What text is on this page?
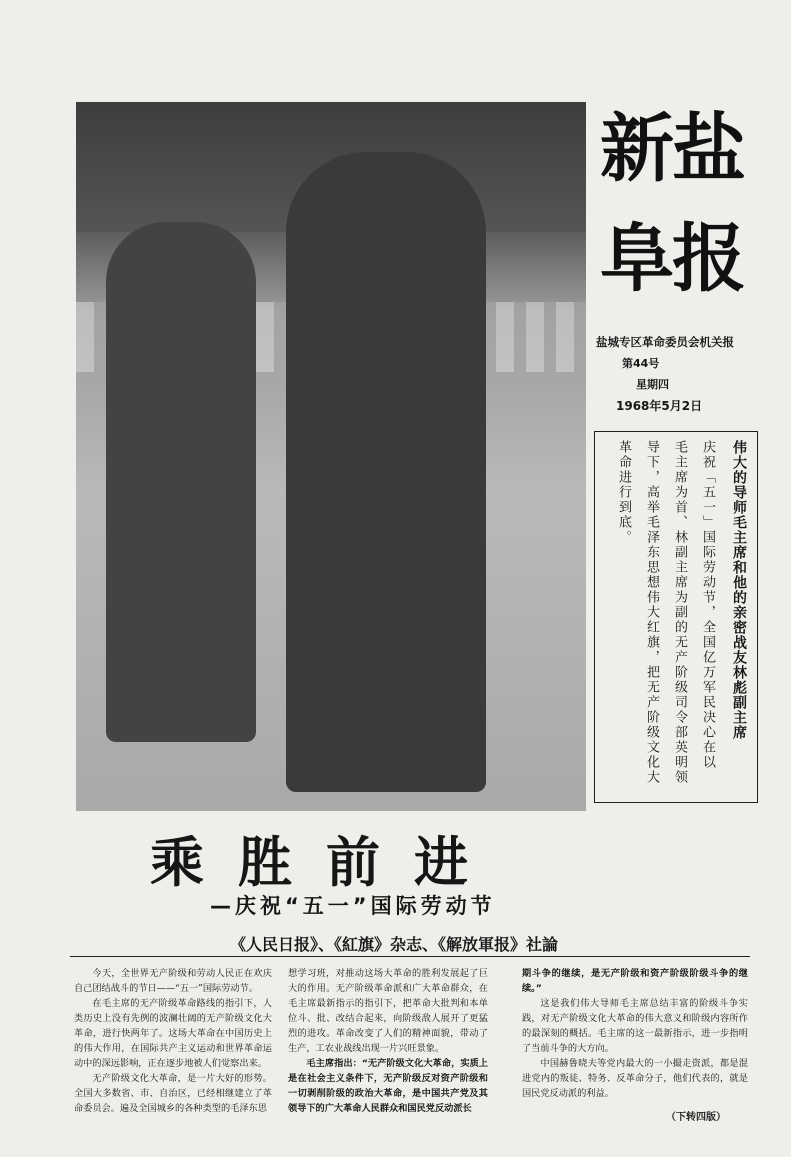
新
盐
阜
报
盐城专区革命委员会机关报
第44号
星期四
1968年5月2日
伟大的导师毛主席和他的亲密战友林彪副主席
庆祝「五一」国际劳动节，全国亿万军民决心在以
毛主席为首、林副主席为副的无产阶级司令部英明领
导下，高举毛泽东思想伟大红旗，把无产阶级文化大
革命进行到底。
乘胜前进
—庆祝“五一”国际劳动节
《人民日报》、《紅旗》杂志、《解放軍报》社論

今天，全世界无产阶级和劳动人民正在欢庆自己团结战斗的节日——“五一”国际劳动节。

在毛主席的无产阶级革命路线的指引下，人类历史上没有先例的波澜壮阔的无产阶级文化大革命，进行快两年了。这场大革命在中国历史上的伟大作用，在国际共产主义运动和世界革命运动中的深远影响，正在逐步地被人们觉察出来。

无产阶级文化大革命，是一片大好的形势。全国大多数省、市、自治区，已经相继建立了革命委员会。遍及全国城乡的各种类型的毛泽东思

想学习班，对推动这场大革命的胜利发展起了巨大的作用。无产阶级革命派和广大革命群众，在毛主席最新指示的指引下，把革命大批判和本单位斗、批、改结合起来，向阶级敌人展开了更猛烈的进攻。革命改变了人们的精神面貌，带动了生产，工农业战线出现一片兴旺景象。

毛主席指出：“无产阶级文化大革命，实质上是在社会主义条件下，无产阶级反对资产阶级和一切剥削阶级的政治大革命，是中国共产党及其领导下的广大革命人民群众和国民党反动派长

期斗争的继续，是无产阶级和资产阶级阶级斗争的继续。”

这是我们伟大导师毛主席总结丰富的阶级斗争实践，对无产阶级文化大革命的伟大意义和阶级内容所作的最深刻的概括。毛主席的这一最新指示，进一步指明了当前斗争的大方向。

中国赫鲁晓夫等党内最大的一小撮走资派，都是混进党内的叛徒、特务、反革命分子，他们代表的，就是国民党反动派的利益。

（下转四版）
